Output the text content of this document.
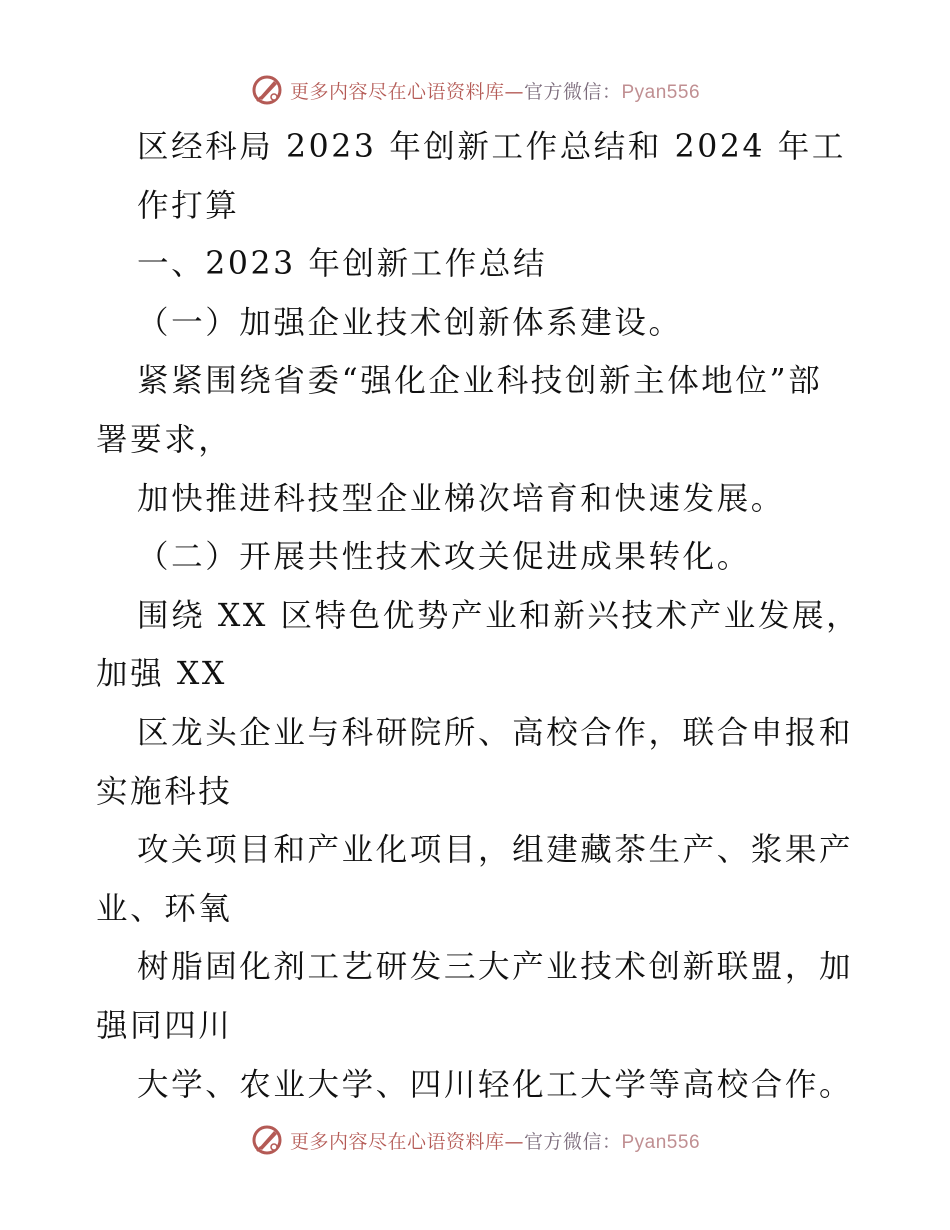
更多内容尽在心语资料库—官方微信：Pyan556
区经科局 2023 年创新工作总结和 2024 年工
作打算
一、2023 年创新工作总结
（一）加强企业技术创新体系建设。
紧紧围绕省委“强化企业科技创新主体地位”部
署要求，
加快推进科技型企业梯次培育和快速发展。
（二）开展共性技术攻关促进成果转化。
围绕 XX 区特色优势产业和新兴技术产业发展，
加强 XX
区龙头企业与科研院所、高校合作，联合申报和
实施科技
攻关项目和产业化项目，组建藏茶生产、浆果产
业、环氧
树脂固化剂工艺研发三大产业技术创新联盟，加
强同四川
大学、农业大学、四川轻化工大学等高校合作。
更多内容尽在心语资料库—官方微信：Pyan556
